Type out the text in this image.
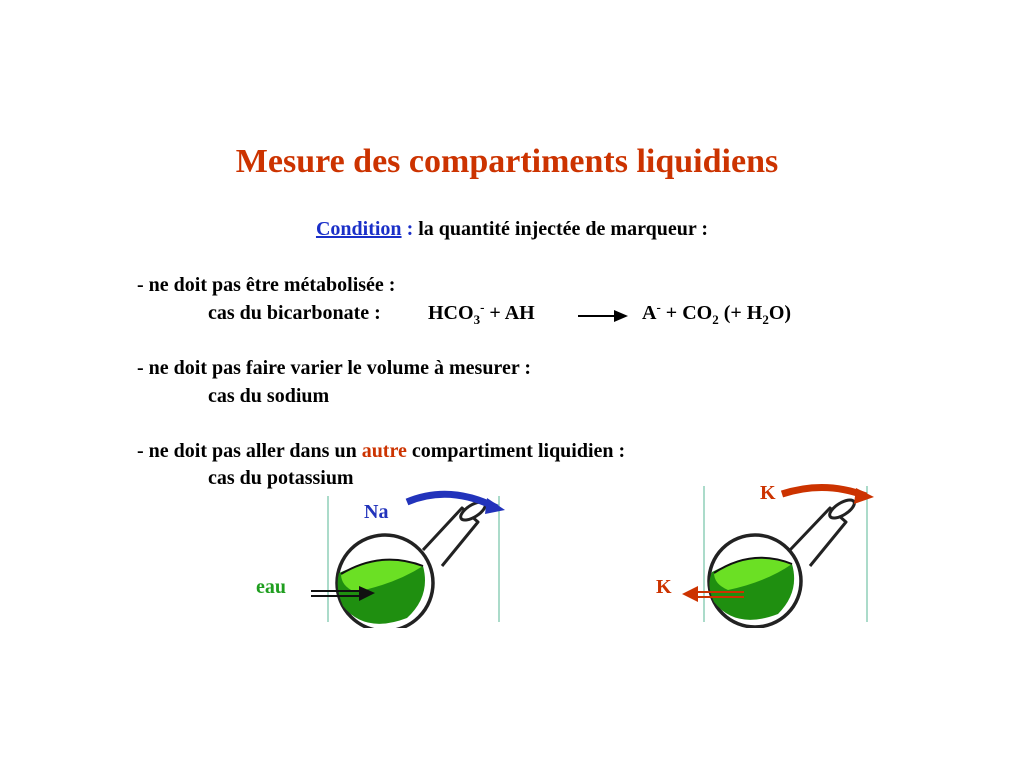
Mesure des compartiments liquidiens
Condition : la quantité injectée de marqueur :
- ne doit pas être métabolisée :
cas du bicarbonate : $HCO_3^-$ + AH	$A^- + CO_2$ (+ $H_2O$)
- ne doit pas faire varier le volume à mesurer :
cas du sodium
- ne doit pas aller dans un autre compartiment liquidien :
cas du potassium
Na
eau
K
K
